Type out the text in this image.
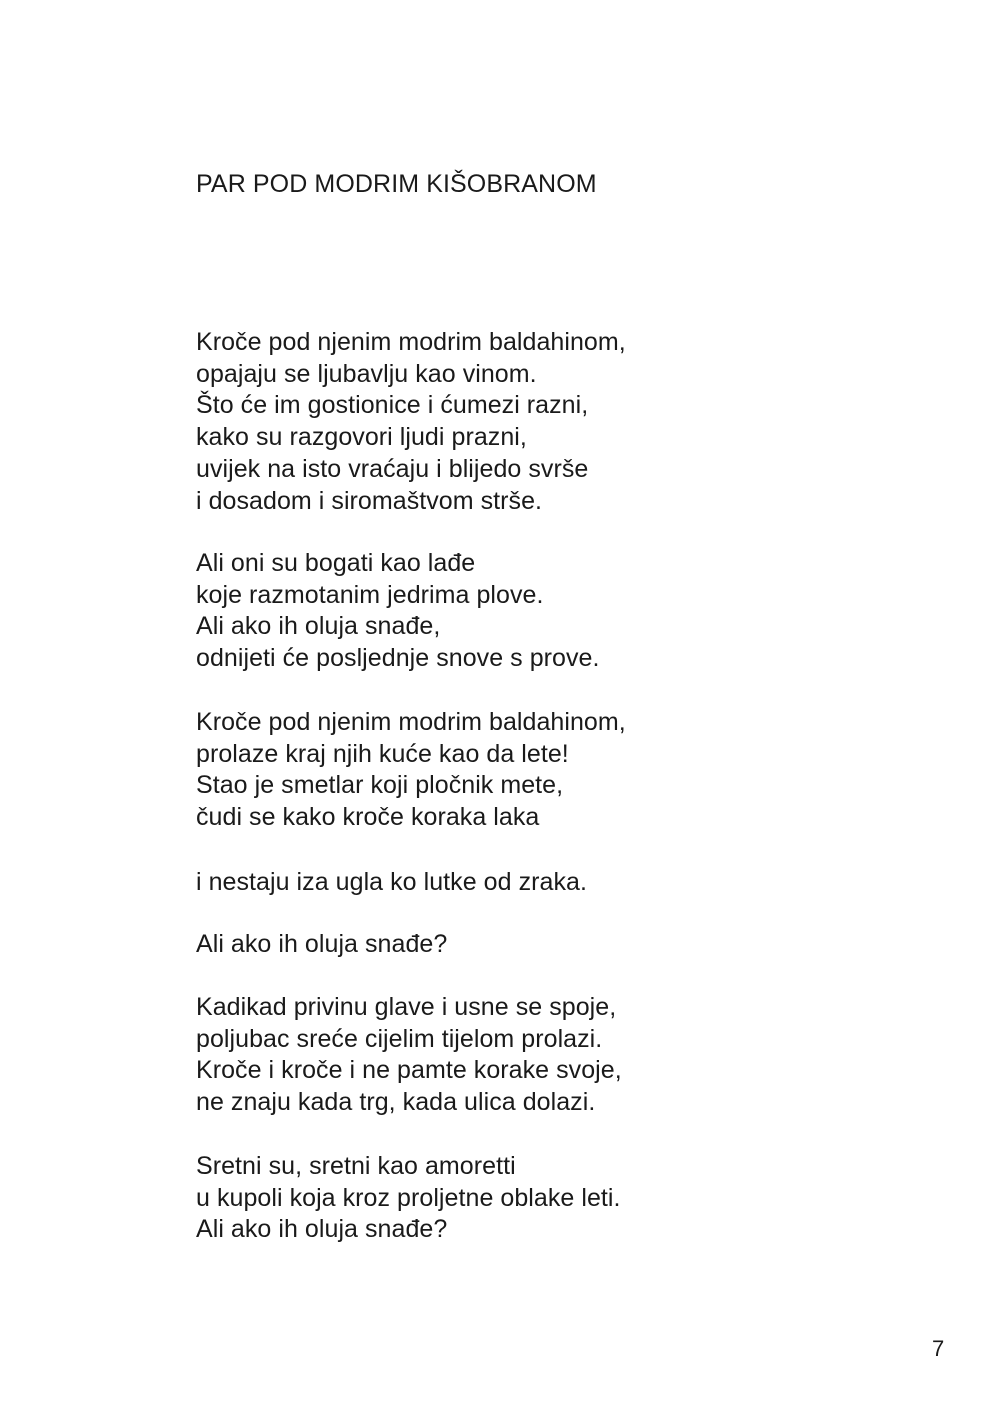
PAR POD MODRIM KIŠOBRANOM
Kroče pod njenim modrim baldahinom,
opajaju se ljubavlju kao vinom.
Što će im gostionice i ćumezi razni,
kako su razgovori ljudi prazni,
uvijek na isto vraćaju i blijedo svrše
i dosadom i siromaštvom strše.
Ali oni su bogati kao lađe
koje razmotanim jedrima plove.
Ali ako ih oluja snađe,
odnijeti će posljednje snove s prove.
Kroče pod njenim modrim baldahinom,
prolaze kraj njih kuće kao da lete!
Stao je smetlar koji pločnik mete,
čudi se kako kroče koraka laka
i nestaju iza ugla ko lutke od zraka.
Ali ako ih oluja snađe?
Kadikad privinu glave i usne se spoje,
poljubac sreće cijelim tijelom prolazi.
Kroče i kroče i ne pamte korake svoje,
ne znaju kada trg, kada ulica dolazi.
Sretni su, sretni kao amoretti
u kupoli koja kroz proljetne oblake leti.
Ali ako ih oluja snađe?
7
